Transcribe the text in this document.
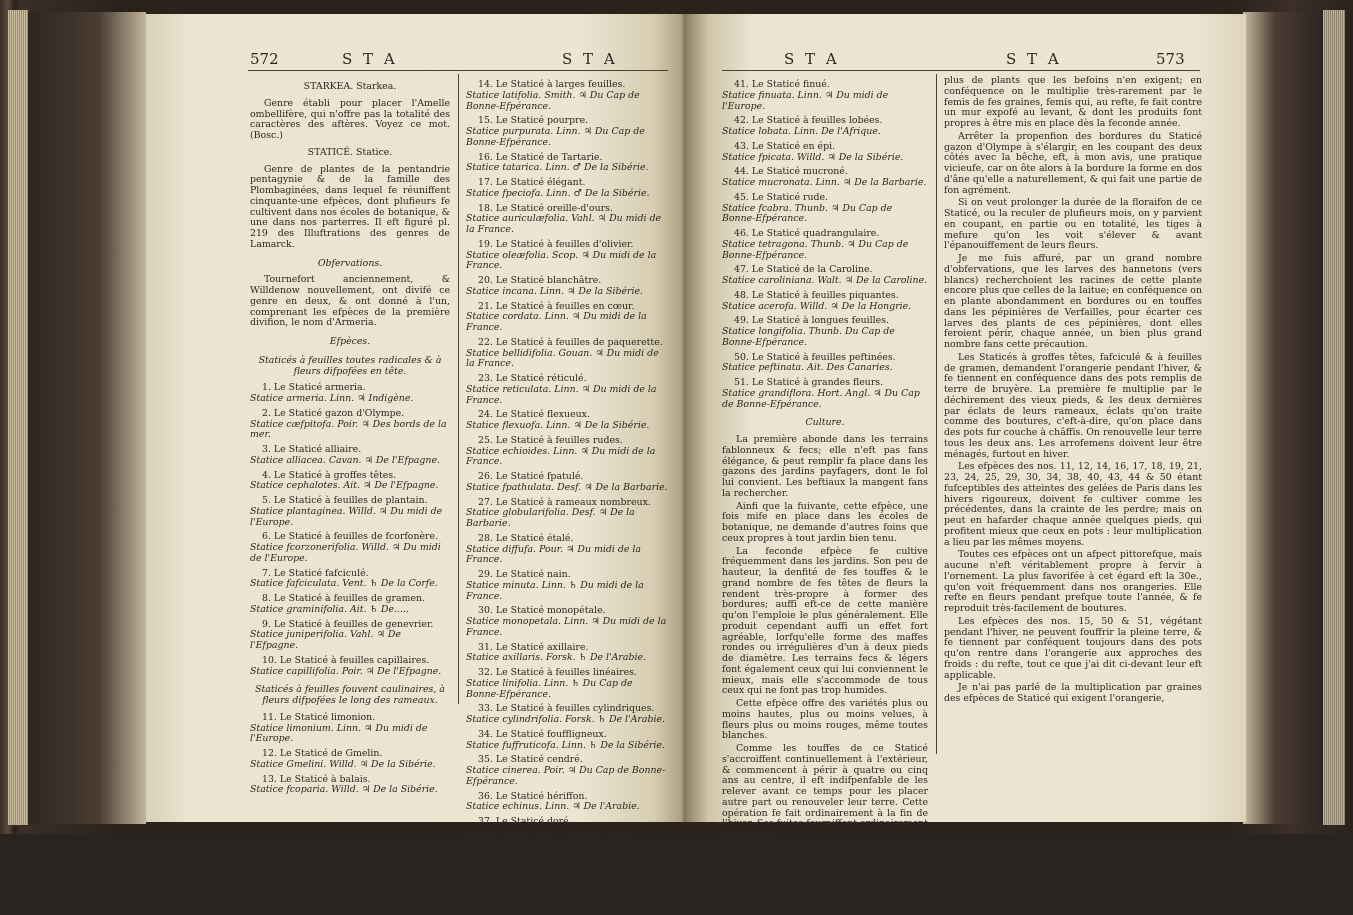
572	S T A	S T A

STARKEA. Starkea.

Genre établi pour placer l'Amelle ombellifère, qui n'offre pas la totalité des caractères des aftères. Voyez ce mot. (Bosc.)

STATICÉ. Statice.

Genre de plantes de la pentandrie pentagynie & de la famille des Plombaginées, dans lequel fe réuniffent cinquante-une efpèces, dont plufieurs fe cultivent dans nos écoles de botanique, & une dans nos parterres. Il eft figuré pl. 219 des Illuftrations des genres de Lamarck.

Obfervations.

Tournefort anciennement, & Willdenow nouvellement, ont divifé ce genre en deux, & ont donné à l'un, comprenant les efpèces de la première divifion, le nom d'Armeria.

Efpèces.

Staticés à feuilles toutes radicales & à fleurs difpofées en tête.

1. Le Staticé armeria.

Statice armeria. Linn. ♃ Indigène.

2. Le Staticé gazon d'Olympe.

Statice cæfpitofa. Poir. ♃ Des bords de la mer.

3. Le Staticé alliaire.

Statice alliacea. Cavan. ♃ De l'Efpagne.

4. Le Staticé à groffes têtes.

Statice cephalotes. Ait. ♃ De l'Efpagne.

5. Le Staticé à feuilles de plantain.

Statice plantaginea. Willd. ♃ Du midi de l'Europe.

6. Le Staticé à feuilles de fcorfonère.

Statice fcorzonerifolia. Willd. ♃ Du midi de l'Europe.

7. Le Staticé fafciculé.

Statice fafciculata. Vent. ♄ De la Corfe.

8. Le Staticé à feuilles de gramen.

Statice graminifolia. Ait. ♄ De.....

9. Le Staticé à feuilles de genevrier.

Statice juniperifolia. Vahl. ♃ De l'Efpagne.

10. Le Staticé à feuilles capillaires.

Statice capillifolia. Poir. ♃ De l'Efpagne.

Staticés à feuilles fouvent caulinaires, à fleurs difpofées le long des rameaux.

11. Le Staticé limonion.

Statice limonium. Linn. ♃ Du midi de l'Europe.

12. Le Staticé de Gmelin.

Statice Gmelini. Willd. ♃ De la Sibérie.

13. Le Staticé à balais.

Statice fcoparia. Willd. ♃ De la Sibérie.

14. Le Staticé à larges feuilles.

Statice latifolia. Smith. ♃ Du Cap de Bonne-Efpérance.

15. Le Staticé pourpre.

Statice purpurata. Linn. ♃ Du Cap de Bonne-Efpérance.

16. Le Staticé de Tartarie.

Statice tatarica. Linn. ♂ De la Sibérie.

17. Le Staticé élégant.

Statice fpeciofa. Linn. ♂ De la Sibérie.

18. Le Staticé oreille-d'ours.

Statice auriculæfolia. Vahl. ♃ Du midi de la France.

19. Le Staticé à feuilles d'olivier.

Statice oleæfolia. Scop. ♃ Du midi de la France.

20. Le Staticé blanchâtre.

Statice incana. Linn. ♃ De la Sibérie.

21. Le Staticé à feuilles en cœur.

Statice cordata. Linn. ♃ Du midi de la France.

22. Le Staticé à feuilles de paquerette.

Statice bellidifolia. Gouan. ♃ Du midi de la France.

23. Le Staticé réticulé.

Statice reticulata. Linn. ♃ Du midi de la France.

24. Le Staticé flexueux.

Statice flexuofa. Linn. ♃ De la Sibérie.

25. Le Staticé à feuilles rudes.

Statice echioides. Linn. ♃ Du midi de la France.

26. Le Staticé fpatulé.

Statice fpathulata. Desf. ♃ De la Barbarie.

27. Le Staticé à rameaux nombreux.

Statice globularifolia. Desf. ♃ De la Barbarie.

28. Le Staticé étalé.

Statice diffufa. Pour. ♃ Du midi de la France.

29. Le Staticé nain.

Statice minuta. Linn. ♄ Du midi de la France.

30. Le Staticé monopétale.

Statice monopetala. Linn. ♃ Du midi de la France.

31. Le Staticé axillaire.

Statice axillaris. Forsk. ♄ De l'Arabie.

32. Le Staticé à feuilles linéaires.

Statice linifolia. Linn. ♄ Du Cap de Bonne-Efpérance.

33. Le Staticé à feuilles cylindriques.

Statice cylindrifolia. Forsk. ♄ De l'Arabie.

34. Le Staticé fouffligneux.

Statice fuffruticofa. Linn. ♄ De la Sibérie.

35. Le Staticé cendré.

Statice cinerea. Poir. ♃ Du Cap de Bonne-Efpérance.

36. Le Staticé hériffon.

Statice echinus. Linn. ♃ De l'Arabie.

37. Le Staticé doré.

Statice aurea. Linn. ♃ De la Sibérie.

38. Le Staticé à feuilles de férule.

Statice ferulacea. Linn. ♄ De l'Efpagne.

39. Le Staticé farineux.

Statice pruinofa. Linn. ♃ De l'Egypte.

40. Le Staticé fans feuilles.

Statice aphylla. Poir. ♃ De la Sibérie.

S T A	S T A	573

41. Le Staticé finué.

Statice finuata. Linn. ♃ Du midi de l'Europe.

42. Le Staticé à feuilles lobées.

Statice lobata. Linn. De l'Afrique.

43. Le Staticé en épi.

Statice fpicata. Willd. ♃ De la Sibérie.

44. Le Staticé mucroné.

Statice mucronata. Linn. ♃ De la Barbarie.

45. Le Staticé rude.

Statice fcabra. Thunb. ♃ Du Cap de Bonne-Efpérance.

46. Le Staticé quadrangulaire.

Statice tetragona. Thunb. ♃ Du Cap de Bonne-Efpérance.

47. Le Staticé de la Caroline.

Statice caroliniana. Walt. ♃ De la Caroline.

48. Le Staticé à feuilles piquantes.

Statice acerofa. Willd. ♃ De la Hongrie.

49. Le Staticé à longues feuilles.

Statice longifolia. Thunb. Du Cap de Bonne-Efpérance.

50. Le Staticé à feuilles peftinées.

Statice peftinata. Ait. Des Canaries.

51. Le Staticé à grandes fleurs.

Statice grandiflora. Hort. Angl. ♃ Du Cap de Bonne-Efpérance.

Culture.

La première abonde dans les terrains fablonneux & fecs; elle n'eft pas fans élégance, & peut remplir fa place dans les gazons des jardins payfagers, dont le fol lui convient. Les beftiaux la mangent fans la rechercher.

Ainfi que la fuivante, cette efpèce, une fois mife en place dans les écoles de botanique, ne demande d'autres foins que ceux propres à tout jardin bien tenu.

La feconde efpèce fe cultive fréquemment dans les jardins. Son peu de hauteur, la denfité de fes touffes & le grand nombre de fes têtes de fleurs la rendent très-propre à former des bordures; auffi eft-ce de cette manière qu'on l'emploie le plus généralement. Elle produit cependant auffi un effet fort agréable, lorfqu'elle forme des maffes rondes ou irrégulières d'un à deux pieds de diamètre. Les terrains fecs & légers font également ceux qui lui conviennent le mieux, mais elle s'accommode de tous ceux qui ne font pas trop humides.

Cette efpèce offre des variétés plus ou moins hautes, plus ou moins velues, à fleurs plus ou moins rouges, même toutes blanches.

Comme les touffes de ce Staticé s'accroiffent continuellement à l'extérieur, & commencent à périr à quatre ou cinq ans au centre, il eft indifpenfable de les relever avant ce temps pour les placer autre part ou renouveler leur terre. Cette opération fe fait ordinairement à la fin de l'hiver. Ses fuites fourniffent ordinairement infiniment

plus de plants que les befoins n'en exigent; en conféquence on le multiplie très-rarement par le femis de fes graines, femis qui, au refte, fe fait contre un mur expofé au levant, & dont les produits font propres à être mis en place dès la feconde année.

Arrêter la propenfion des bordures du Staticé gazon d'Olympe à s'élargir, en les coupant des deux côtés avec la bêche, eft, à mon avis, une pratique vicieufe, car on ôte alors à la bordure la forme en dos d'âne qu'elle a naturellement, & qui fait une partie de fon agrément.

Si on veut prolonger la durée de la floraifon de ce Staticé, ou la reculer de plufieurs mois, on y parvient en coupant, en partie ou en totalité, les tiges à mefure qu'on les voit s'élever & avant l'épanouiffement de leurs fleurs.

Je me fuis affuré, par un grand nombre d'obfervations, que les larves des hannetons (vers blancs) recherchoient les racines de cette plante encore plus que celles de la laitue; en conféquence on en plante abondamment en bordures ou en touffes dans les pépinières de Verfailles, pour écarter ces larves des plants de ces pépinières, dont elles feroient périr, chaque année, un bien plus grand nombre fans cette précaution.

Les Staticés à groffes têtes, fafciculé & à feuilles de gramen, demandent l'orangerie pendant l'hiver, & fe tiennent en conféquence dans des pots remplis de terre de bruyère. La première fe multiplie par le déchirement des vieux pieds, & les deux dernières par éclats de leurs rameaux, éclats qu'on traite comme des boutures, c'eft-à-dire, qu'on place dans des pots fur couche à châffis. On renouvelle leur terre tous les deux ans. Les arrofemens doivent leur être ménagés, furtout en hiver.

Les efpèces des nos. 11, 12, 14, 16, 17, 18, 19, 21, 23, 24, 25, 29, 30, 34, 38, 40, 43, 44 & 50 étant fufceptibles des atteintes des gelées de Paris dans les hivers rigoureux, doivent fe cultiver comme les précédentes, dans la crainte de les perdre; mais on peut en hafarder chaque année quelques pieds, qui profitent mieux que ceux en pots : leur multiplication a lieu par les mêmes moyens.

Toutes ces efpèces ont un afpect pittorefque, mais aucune n'eft véritablement propre à fervir à l'ornement. La plus favorifée à cet égard eft la 30e., qu'on voit fréquemment dans nos orangeries. Elle refte en fleurs pendant prefque toute l'année, & fe reproduit très-facilement de boutures.

Les efpèces des nos. 15, 50 & 51, végétant pendant l'hiver, ne peuvent fouffrir la pleine terre, & fe tiennent par conféquent toujours dans des pots qu'on rentre dans l'orangerie aux approches des froids : du refte, tout ce que j'ai dit ci-devant leur eft applicable.

Je n'ai pas parlé de la multiplication par graines des efpèces de Staticé qui exigent l'orangerie,
